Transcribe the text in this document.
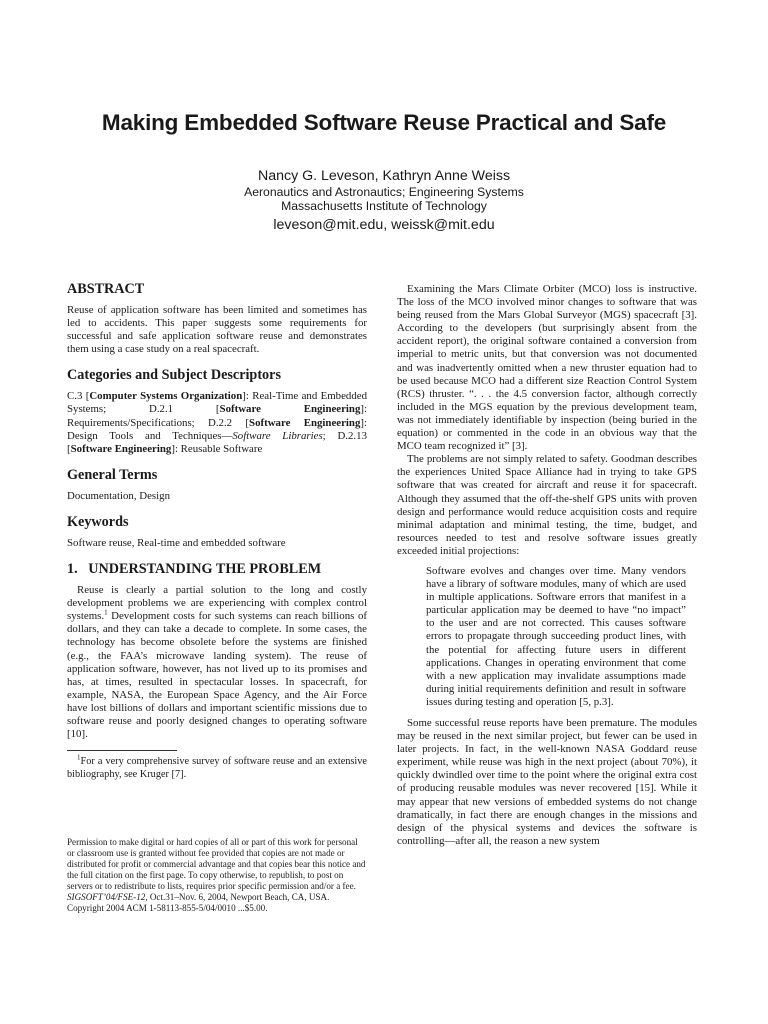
Making Embedded Software Reuse Practical and Safe
Nancy G. Leveson, Kathryn Anne Weiss
Aeronautics and Astronautics; Engineering Systems
Massachusetts Institute of Technology
leveson@mit.edu, weissk@mit.edu
ABSTRACT

Reuse of application software has been limited and sometimes has led to accidents. This paper suggests some requirements for successful and safe application software reuse and demonstrates them using a case study on a real spacecraft.

Categories and Subject Descriptors

C.3 [Computer Systems Organization]: Real-Time and Embedded Systems; D.2.1 [Software Engineering]: Requirements/Specifications; D.2.2 [Software Engineering]: Design Tools and Techniques—Software Libraries; D.2.13 [Software Engineering]: Reusable Software

General Terms

Documentation, Design

Keywords

Software reuse, Real-time and embedded software

1.   UNDERSTANDING THE PROBLEM

Reuse is clearly a partial solution to the long and costly development problems we are experiencing with complex control systems.$^1$ Development costs for such systems can reach billions of dollars, and they can take a decade to complete. In some cases, the technology has become obsolete before the systems are finished (e.g., the FAA’s microwave landing system). The reuse of application software, however, has not lived up to its promises and has, at times, resulted in spectacular losses. In spacecraft, for example, NASA, the European Space Agency, and the Air Force have lost billions of dollars and important scientific missions due to software reuse and poorly designed changes to operating software [10].

$^1$For a very comprehensive survey of software reuse and an extensive bibliography, see Kruger [7].

Permission to make digital or hard copies of all or part of this work for personal or classroom use is granted without fee provided that copies are not made or distributed for profit or commercial advantage and that copies bear this notice and the full citation on the first page. To copy otherwise, to republish, to post on servers or to redistribute to lists, requires prior specific permission and/or a fee.
SIGSOFT’04/FSE-12, Oct.31–Nov. 6, 2004, Newport Beach, CA, USA.
Copyright 2004 ACM 1-58113-855-5/04/0010 ...$5.00.

Examining the Mars Climate Orbiter (MCO) loss is instructive. The loss of the MCO involved minor changes to software that was being reused from the Mars Global Surveyor (MGS) spacecraft [3]. According to the developers (but surprisingly absent from the accident report), the original software contained a conversion from imperial to metric units, but that conversion was not documented and was inadvertently omitted when a new thruster equation had to be used because MCO had a different size Reaction Control System (RCS) thruster. “. . . the 4.5 conversion factor, although correctly included in the MGS equation by the previous development team, was not immediately identifiable by inspection (being buried in the equation) or commented in the code in an obvious way that the MCO team recognized it” [3].

The problems are not simply related to safety. Goodman describes the experiences United Space Alliance had in trying to take GPS software that was created for aircraft and reuse it for spacecraft. Although they assumed that the off-the-shelf GPS units with proven design and performance would reduce acquisition costs and require minimal adaptation and minimal testing, the time, budget, and resources needed to test and resolve software issues greatly exceeded initial projections:

Software evolves and changes over time. Many vendors have a library of software modules, many of which are used in multiple applications. Software errors that manifest in a particular application may be deemed to have “no impact” to the user and are not corrected. This causes software errors to propagate through succeeding product lines, with the potential for affecting future users in different applications. Changes in operating environment that come with a new application may invalidate assumptions made during initial requirements definition and result in software issues during testing and operation [5, p.3].

Some successful reuse reports have been premature. The modules may be reused in the next similar project, but fewer can be used in later projects. In fact, in the well-known NASA Goddard reuse experiment, while reuse was high in the next project (about 70%), it quickly dwindled over time to the point where the original extra cost of producing reusable modules was never recovered [15]. While it may appear that new versions of embedded systems do not change dramatically, in fact there are enough changes in the missions and design of the physical systems and devices the software is controlling—after all, the reason a new system
